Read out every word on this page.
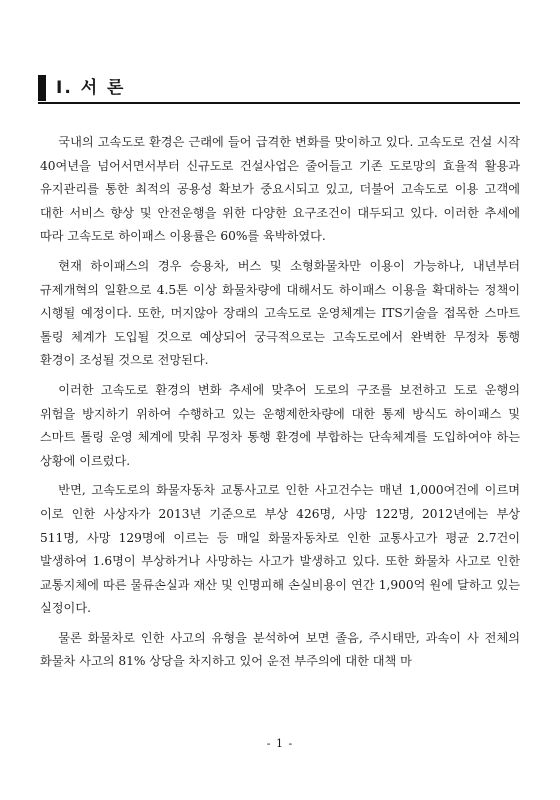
Ⅰ. 서 론

국내의 고속도로 환경은 근래에 들어 급격한 변화를 맞이하고 있다. 고속도로 건설 시작 40여년을 넘어서면서부터 신규도로 건설사업은 줄어들고 기존 도로망의 효율적 활용과 유지관리를 통한 최적의 공용성 확보가 중요시되고 있고, 더불어 고속도로 이용 고객에 대한 서비스 향상 및 안전운행을 위한 다양한 요구조건이 대두되고 있다. 이러한 추세에 따라 고속도로 하이패스 이용률은 60%를 육박하였다.

현재 하이패스의 경우 승용차, 버스 및 소형화물차만 이용이 가능하나, 내년부터 규제개혁의 일환으로 4.5톤 이상 화물차량에 대해서도 하이패스 이용을 확대하는 정책이 시행될 예정이다. 또한, 머지않아 장래의 고속도로 운영체계는 ITS기술을 접목한 스마트 톨링 체계가 도입될 것으로 예상되어 궁극적으로는 고속도로에서 완벽한 무정차 통행 환경이 조성될 것으로 전망된다.

이러한 고속도로 환경의 변화 추세에 맞추어 도로의 구조를 보전하고 도로 운행의 위험을 방지하기 위하여 수행하고 있는 운행제한차량에 대한 통제 방식도 하이패스 및 스마트 톨링 운영 체계에 맞춰 무정차 통행 환경에 부합하는 단속체계를 도입하여야 하는 상황에 이르렀다.

반면, 고속도로의 화물자동차 교통사고로 인한 사고건수는 매년 1,000여건에 이르며 이로 인한 사상자가 2013년 기준으로 부상 426명, 사망 122명, 2012년에는 부상 511명, 사망 129명에 이르는 등 매일 화물자동차로 인한 교통사고가 평균 2.7건이 발생하여 1.6명이 부상하거나 사망하는 사고가 발생하고 있다. 또한 화물차 사고로 인한 교통지체에 따른 물류손실과 재산 및 인명피해 손실비용이 연간 1,900억 원에 달하고 있는 실정이다.

물론 화물차로 인한 사고의 유형을 분석하여 보면 졸음, 주시태만, 과속이 사 전체의 화물차 사고의 81% 상당을 차지하고 있어 운전 부주의에 대한 대책 마

- 1 -
